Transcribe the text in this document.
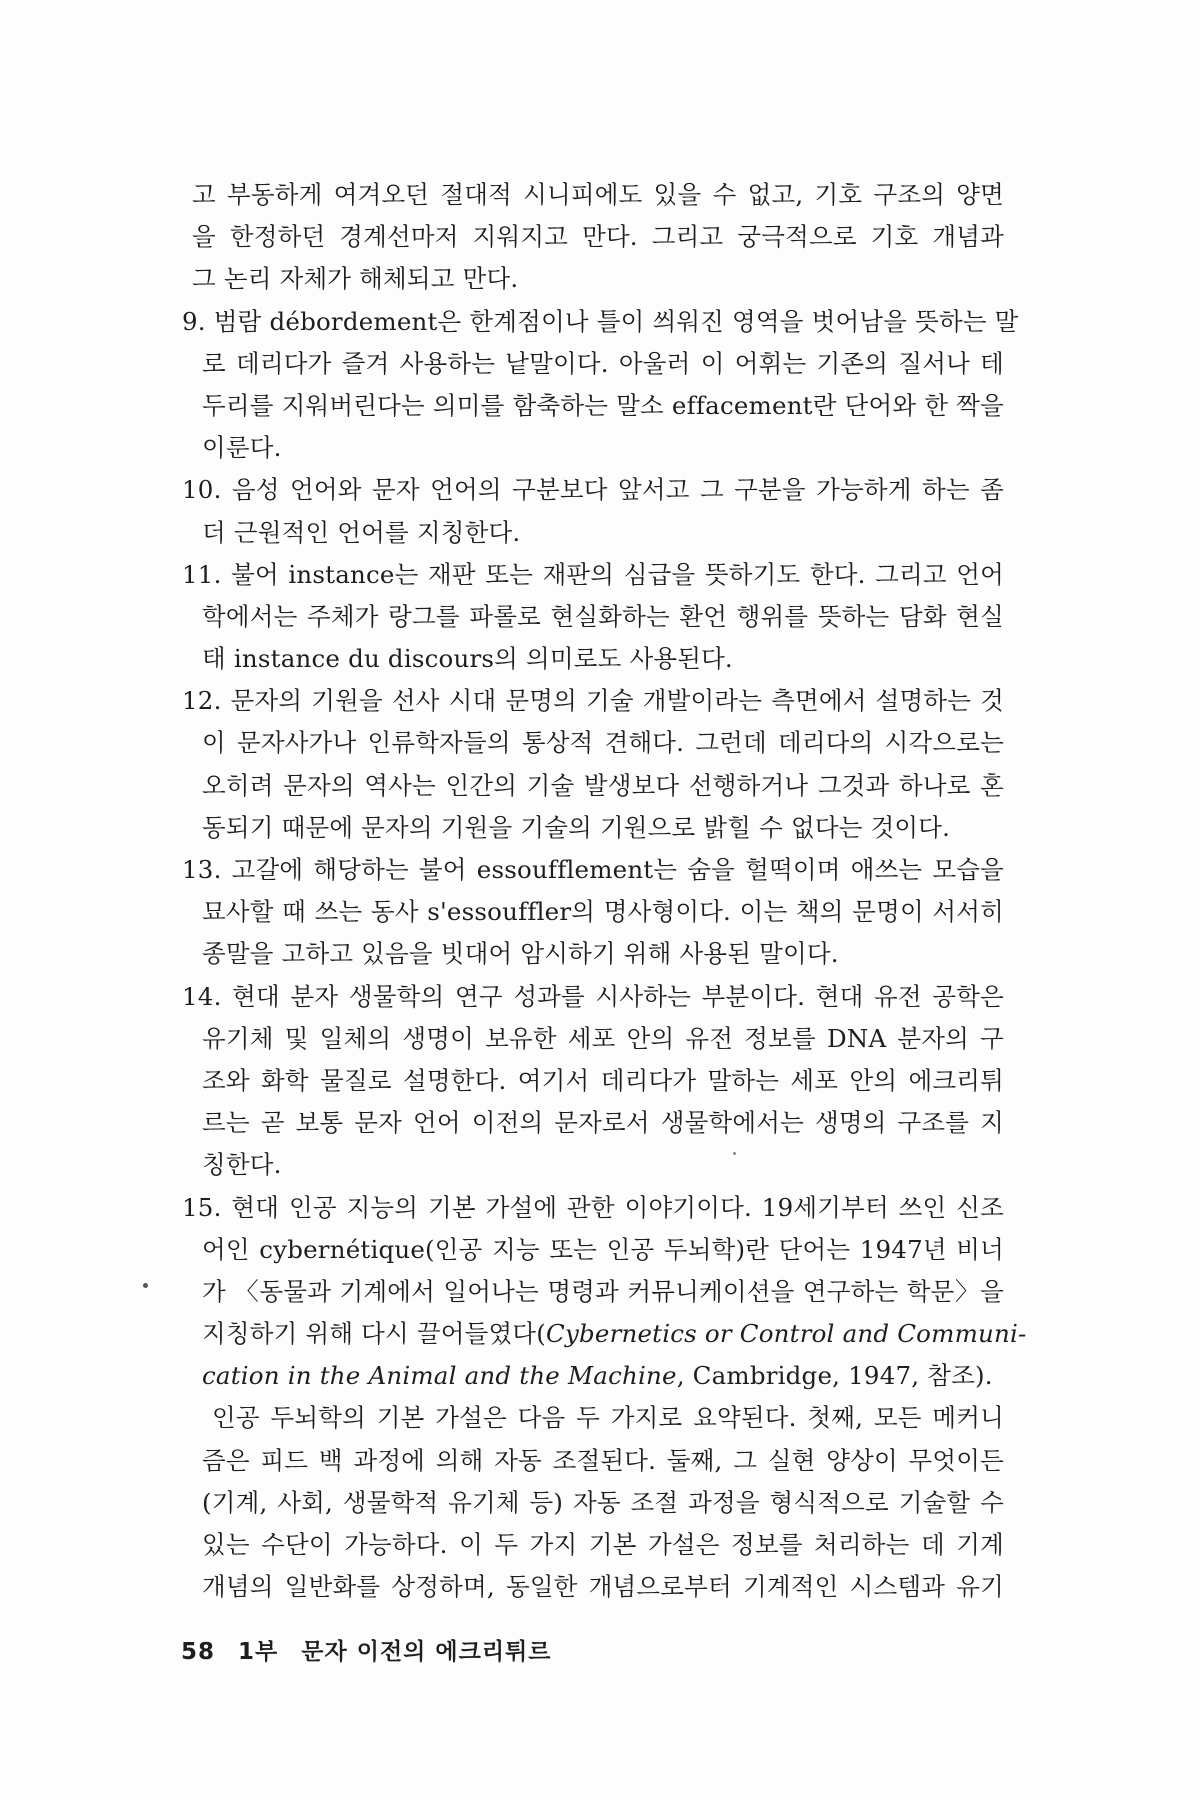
고 부동하게 여겨오던 절대적 시니피에도 있을 수 없고, 기호 구조의 양면
을 한정하던 경계선마저 지워지고 만다. 그리고 궁극적으로 기호 개념과
그 논리 자체가 해체되고 만다.
9. 범람 débordement은 한계점이나 틀이 씌워진 영역을 벗어남을 뜻하는 말
로 데리다가 즐겨 사용하는 낱말이다. 아울러 이 어휘는 기존의 질서나 테
두리를 지워버린다는 의미를 함축하는 말소 effacement란 단어와 한 짝을
이룬다.
10. 음성 언어와 문자 언어의 구분보다 앞서고 그 구분을 가능하게 하는 좀
더 근원적인 언어를 지칭한다.
11. 불어 instance는 재판 또는 재판의 심급을 뜻하기도 한다. 그리고 언어
학에서는 주체가 랑그를 파롤로 현실화하는 환언 행위를 뜻하는 담화 현실
태 instance du discours의 의미로도 사용된다.
12. 문자의 기원을 선사 시대 문명의 기술 개발이라는 측면에서 설명하는 것
이 문자사가나 인류학자들의 통상적 견해다. 그런데 데리다의 시각으로는
오히려 문자의 역사는 인간의 기술 발생보다 선행하거나 그것과 하나로 혼
동되기 때문에 문자의 기원을 기술의 기원으로 밝힐 수 없다는 것이다.
13. 고갈에 해당하는 불어 essoufflement는 숨을 헐떡이며 애쓰는 모습을
묘사할 때 쓰는 동사 s'essouffler의 명사형이다. 이는 책의 문명이 서서히
종말을 고하고 있음을 빗대어 암시하기 위해 사용된 말이다.
14. 현대 분자 생물학의 연구 성과를 시사하는 부분이다. 현대 유전 공학은
유기체 및 일체의 생명이 보유한 세포 안의 유전 정보를 DNA 분자의 구
조와 화학 물질로 설명한다. 여기서 데리다가 말하는 세포 안의 에크리튀
르는 곧 보통 문자 언어 이전의 문자로서 생물학에서는 생명의 구조를 지
칭한다.
15. 현대 인공 지능의 기본 가설에 관한 이야기이다. 19세기부터 쓰인 신조
어인 cybernétique(인공 지능 또는 인공 두뇌학)란 단어는 1947년 비너
가 〈동물과 기계에서 일어나는 명령과 커뮤니케이션을 연구하는 학문〉을
지칭하기 위해 다시 끌어들였다(Cybernetics or Control and Communi-
cation in the Animal and the Machine, Cambridge, 1947, 참조).
인공 두뇌학의 기본 가설은 다음 두 가지로 요약된다. 첫째, 모든 메커니
즘은 피드 백 과정에 의해 자동 조절된다. 둘째, 그 실현 양상이 무엇이든
(기계, 사회, 생물학적 유기체 등) 자동 조절 과정을 형식적으로 기술할 수
있는 수단이 가능하다. 이 두 가지 기본 가설은 정보를 처리하는 데 기계
개념의 일반화를 상정하며, 동일한 개념으로부터 기계적인 시스템과 유기
58 1부 문자 이전의 에크리튀르
